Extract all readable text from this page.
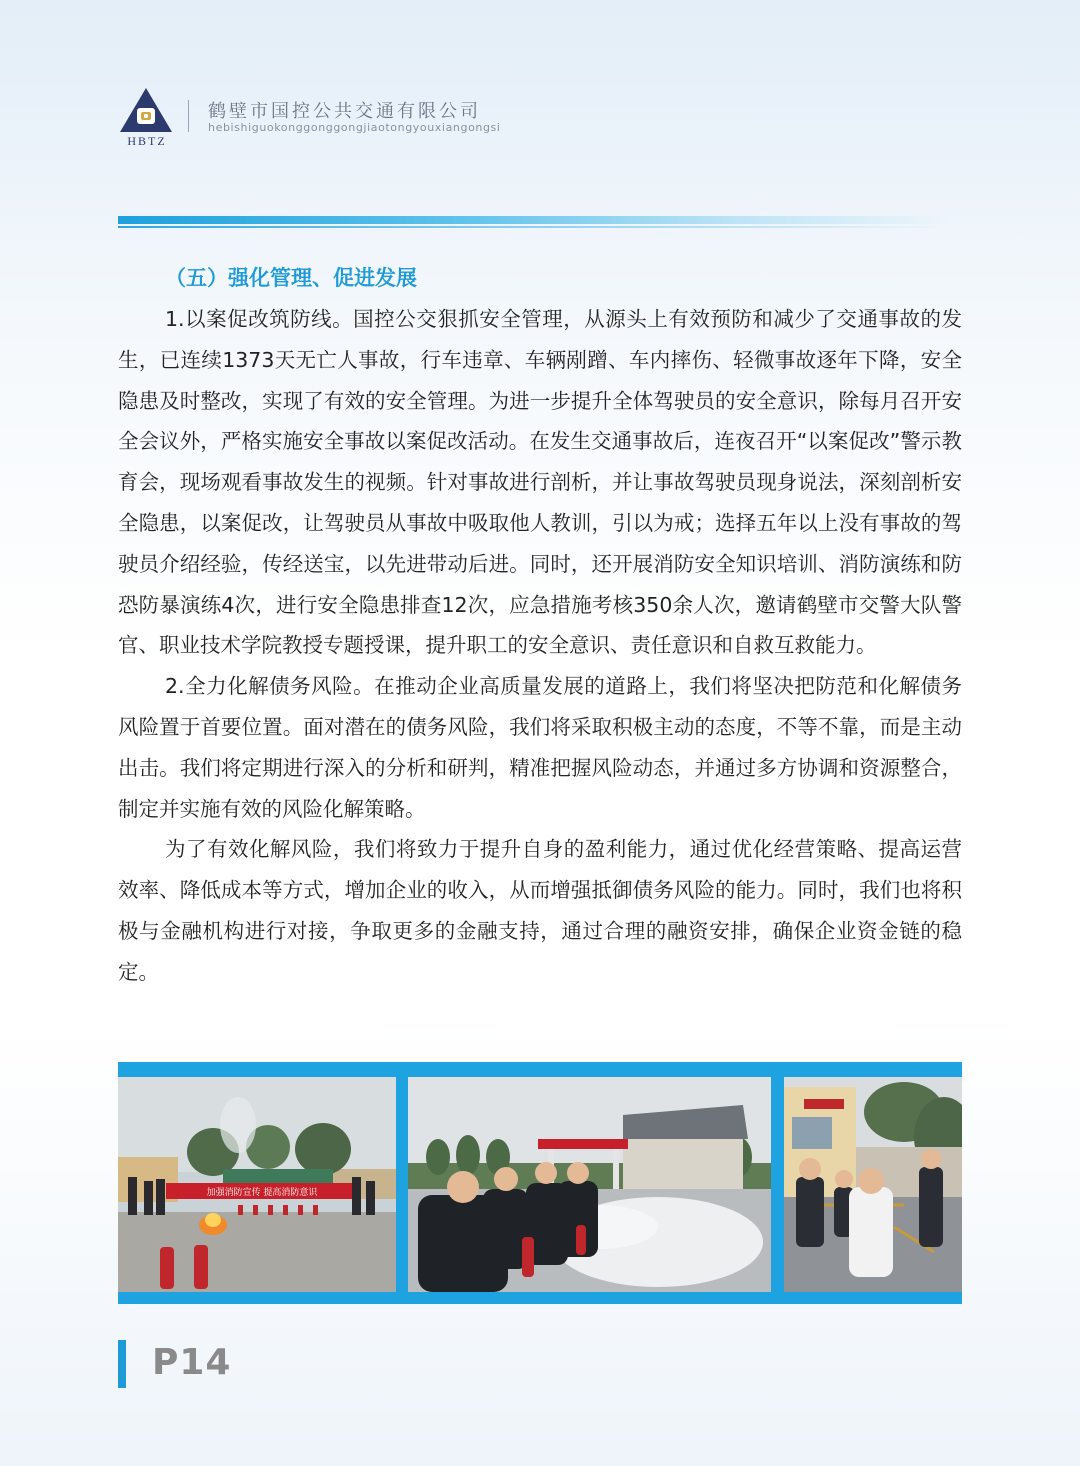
HBTZ
鹤壁市国控公共交通有限公司
hebishiguokonggonggongjiaotongyouxiangongsi
（五）强化管理、促进发展

1.以案促改筑防线。国控公交狠抓安全管理，从源头上有效预防和减少了交通事故的发生，已连续1373天无亡人事故，行车违章、车辆剐蹭、车内摔伤、轻微事故逐年下降，安全隐患及时整改，实现了有效的安全管理。为进一步提升全体驾驶员的安全意识，除每月召开安全会议外，严格实施安全事故以案促改活动。在发生交通事故后，连夜召开“以案促改”警示教育会，现场观看事故发生的视频。针对事故进行剖析，并让事故驾驶员现身说法，深刻剖析安全隐患，以案促改，让驾驶员从事故中吸取他人教训，引以为戒；选择五年以上没有事故的驾驶员介绍经验，传经送宝，以先进带动后进。同时，还开展消防安全知识培训、消防演练和防恐防暴演练4次，进行安全隐患排查12次，应急措施考核350余人次，邀请鹤壁市交警大队警官、职业技术学院教授专题授课，提升职工的安全意识、责任意识和自救互救能力。

2.全力化解债务风险。在推动企业高质量发展的道路上，我们将坚决把防范和化解债务风险置于首要位置。面对潜在的债务风险，我们将采取积极主动的态度，不等不靠，而是主动出击。我们将定期进行深入的分析和研判，精准把握风险动态，并通过多方协调和资源整合，制定并实施有效的风险化解策略。

为了有效化解风险，我们将致力于提升自身的盈利能力，通过优化经营策略、提高运营效率、降低成本等方式，增加企业的收入，从而增强抵御债务风险的能力。同时，我们也将积极与金融机构进行对接，争取更多的金融支持，通过合理的融资安排，确保企业资金链的稳定。

加强消防宣传 提高消防意识
P14
